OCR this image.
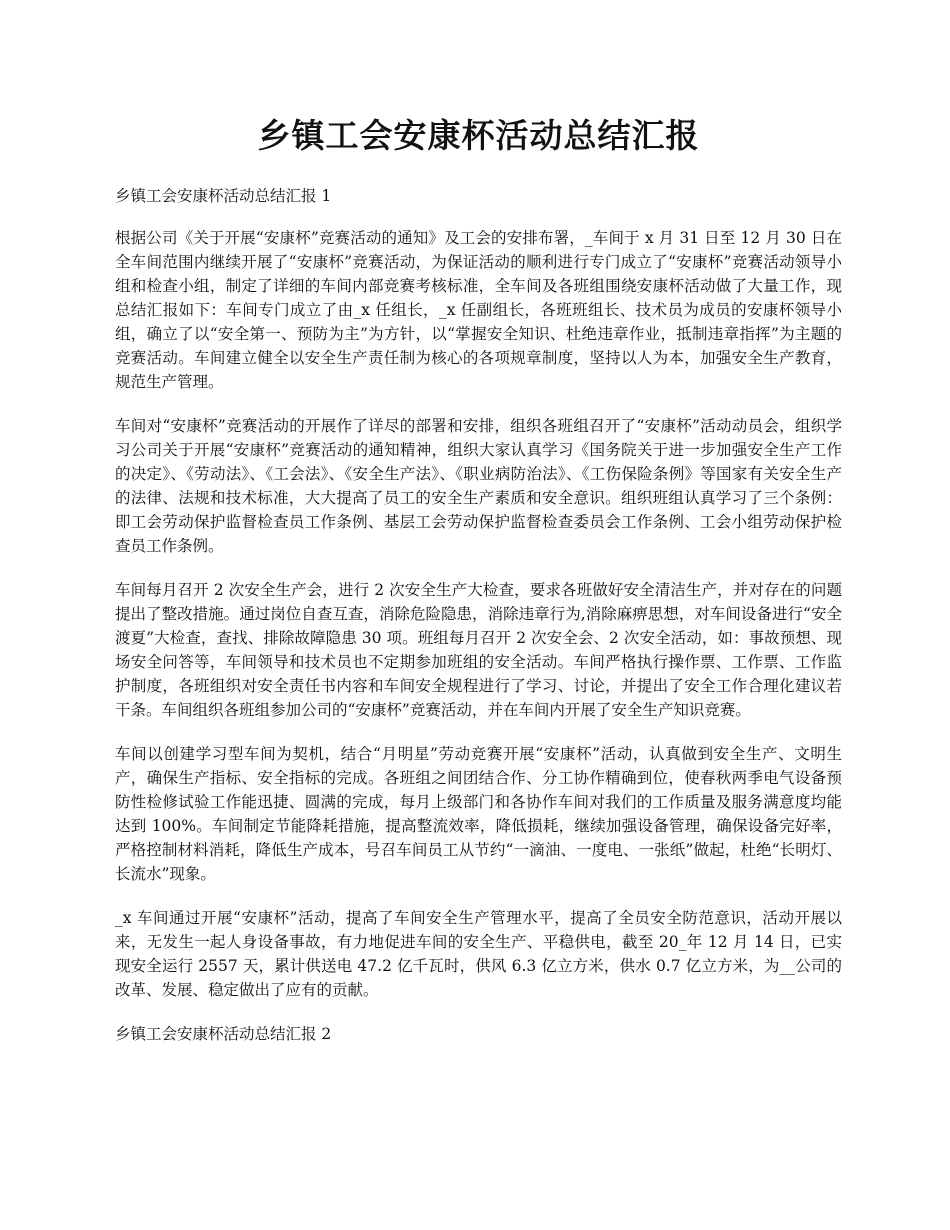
乡镇工会安康杯活动总结汇报

乡镇工会安康杯活动总结汇报 1

根据公司《关于开展“安康杯”竞赛活动的通知》及工会的安排布署，_车间于 x 月 31 日至 12 月 30 日在全车间范围内继续开展了“安康杯”竞赛活动，为保证活动的顺利进行专门成立了“安康杯”竞赛活动领导小组和检查小组，制定了详细的车间内部竞赛考核标准，全车间及各班组围绕安康杯活动做了大量工作，现总结汇报如下：车间专门成立了由_x 任组长，_x 任副组长，各班班组长、技术员为成员的安康杯领导小组，确立了以“安全第一、预防为主”为方针，以“掌握安全知识、杜绝违章作业，抵制违章指挥”为主题的竞赛活动。车间建立健全以安全生产责任制为核心的各项规章制度，坚持以人为本，加强安全生产教育，规范生产管理。

车间对“安康杯”竞赛活动的开展作了详尽的部署和安排，组织各班组召开了“安康杯”活动动员会，组织学习公司关于开展“安康杯”竞赛活动的通知精神，组织大家认真学习《国务院关于进一步加强安全生产工作的决定》、《劳动法》、《工会法》、《安全生产法》、《职业病防治法》、《工伤保险条例》等国家有关安全生产的法律、法规和技术标准，大大提高了员工的安全生产素质和安全意识。组织班组认真学习了三个条例：即工会劳动保护监督检查员工作条例、基层工会劳动保护监督检查委员会工作条例、工会小组劳动保护检查员工作条例。

车间每月召开 2 次安全生产会，进行 2 次安全生产大检查，要求各班做好安全清洁生产，并对存在的问题提出了整改措施。通过岗位自查互查，消除危险隐患，消除违章行为,消除麻痹思想，对车间设备进行“安全渡夏”大检查，查找、排除故障隐患 30 项。班组每月召开 2 次安全会、2 次安全活动，如：事故预想、现场安全问答等，车间领导和技术员也不定期参加班组的安全活动。车间严格执行操作票、工作票、工作监护制度，各班组织对安全责任书内容和车间安全规程进行了学习、讨论，并提出了安全工作合理化建议若干条。车间组织各班组参加公司的“安康杯”竞赛活动，并在车间内开展了安全生产知识竞赛。

车间以创建学习型车间为契机，结合“月明星”劳动竞赛开展“安康杯”活动，认真做到安全生产、文明生产，确保生产指标、安全指标的完成。各班组之间团结合作、分工协作精确到位，使春秋两季电气设备预防性检修试验工作能迅捷、圆满的完成，每月上级部门和各协作车间对我们的工作质量及服务满意度均能达到 100%。车间制定节能降耗措施，提高整流效率，降低损耗，继续加强设备管理，确保设备完好率，严格控制材料消耗，降低生产成本，号召车间员工从节约“一滴油、一度电、一张纸”做起，杜绝“长明灯、长流水”现象。

_x 车间通过开展“安康杯”活动，提高了车间安全生产管理水平，提高了全员安全防范意识，活动开展以来，无发生一起人身设备事故，有力地促进车间的安全生产、平稳供电，截至 20_年 12 月 14 日，已实现安全运行 2557 天，累计供送电 47.2 亿千瓦时，供风 6.3 亿立方米，供水 0.7 亿立方米，为__公司的改革、发展、稳定做出了应有的贡献。

乡镇工会安康杯活动总结汇报 2
